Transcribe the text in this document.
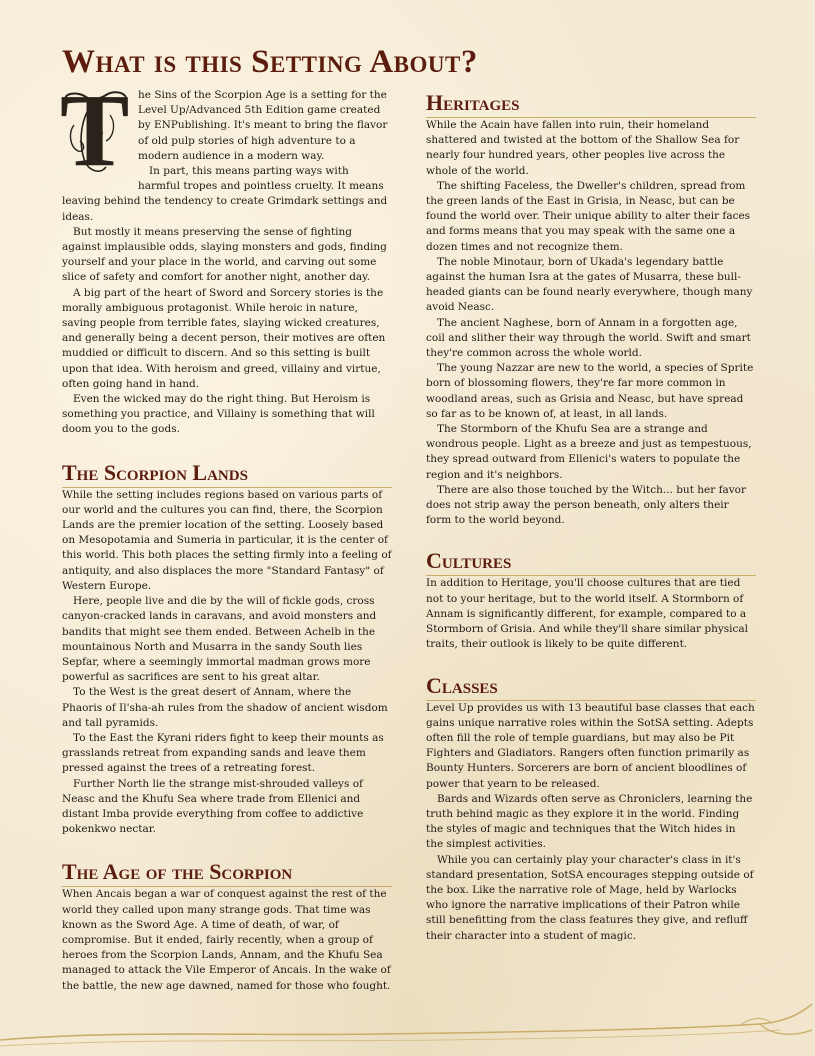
What is this Setting About?
T he Sins of the Scorpion Age is a setting for the Level Up/Advanced 5th Edition game created by ENPublishing. It's meant to bring the flavor of old pulp stories of high adventure to a modern audience in a modern way.

In part, this means parting ways with harmful tropes and pointless cruelty. It means leaving behind the tendency to create Grimdark settings and ideas.

But mostly it means preserving the sense of fighting against implausible odds, slaying monsters and gods, finding yourself and your place in the world, and carving out some slice of safety and comfort for another night, another day.

A big part of the heart of Sword and Sorcery stories is the morally ambiguous protagonist. While heroic in nature, saving people from terrible fates, slaying wicked creatures, and generally being a decent person, their motives are often muddied or difficult to discern. And so this setting is built upon that idea. With heroism and greed, villainy and virtue, often going hand in hand.

Even the wicked may do the right thing. But Heroism is something you practice, and Villainy is something that will doom you to the gods.

The Scorpion Lands

While the setting includes regions based on various parts of our world and the cultures you can find, there, the Scorpion Lands are the premier location of the setting. Loosely based on Mesopotamia and Sumeria in particular, it is the center of this world. This both places the setting firmly into a feeling of antiquity, and also displaces the more "Standard Fantasy" of Western Europe.

Here, people live and die by the will of fickle gods, cross canyon-cracked lands in caravans, and avoid monsters and bandits that might see them ended. Between Achelb in the mountainous North and Musarra in the sandy South lies Sepfar, where a seemingly immortal madman grows more powerful as sacrifices are sent to his great altar.

To the West is the great desert of Annam, where the Phaoris of Il'sha-ah rules from the shadow of ancient wisdom and tall pyramids.

To the East the Kyrani riders fight to keep their mounts as grasslands retreat from expanding sands and leave them pressed against the trees of a retreating forest.

Further North lie the strange mist-shrouded valleys of Neasc and the Khufu Sea where trade from Ellenici and distant Imba provide everything from coffee to addictive pokenkwo nectar.

The Age of the Scorpion

When Ancais began a war of conquest against the rest of the world they called upon many strange gods. That time was known as the Sword Age. A time of death, of war, of compromise. But it ended, fairly recently, when a group of heroes from the Scorpion Lands, Annam, and the Khufu Sea managed to attack the Vile Emperor of Ancais. In the wake of the battle, the new age dawned, named for those who fought.

Heritages

While the Acain have fallen into ruin, their homeland shattered and twisted at the bottom of the Shallow Sea for nearly four hundred years, other peoples live across the whole of the world.

The shifting Faceless, the Dweller's children, spread from the green lands of the East in Grisia, in Neasc, but can be found the world over. Their unique ability to alter their faces and forms means that you may speak with the same one a dozen times and not recognize them.

The noble Minotaur, born of Ukada's legendary battle against the human Isra at the gates of Musarra, these bull-headed giants can be found nearly everywhere, though many avoid Neasc.

The ancient Naghese, born of Annam in a forgotten age, coil and slither their way through the world. Swift and smart they're common across the whole world.

The young Nazzar are new to the world, a species of Sprite born of blossoming flowers, they're far more common in woodland areas, such as Grisia and Neasc, but have spread so far as to be known of, at least, in all lands.

The Stormborn of the Khufu Sea are a strange and wondrous people. Light as a breeze and just as tempestuous, they spread outward from Ellenici's waters to populate the region and it's neighbors.

There are also those touched by the Witch... but her favor does not strip away the person beneath, only alters their form to the world beyond.

Cultures

In addition to Heritage, you'll choose cultures that are tied not to your heritage, but to the world itself. A Stormborn of Annam is significantly different, for example, compared to a Stormborn of Grisia. And while they'll share similar physical traits, their outlook is likely to be quite different.

Classes

Level Up provides us with 13 beautiful base classes that each gains unique narrative roles within the SotSA setting. Adepts often fill the role of temple guardians, but may also be Pit Fighters and Gladiators. Rangers often function primarily as Bounty Hunters. Sorcerers are born of ancient bloodlines of power that yearn to be released.

Bards and Wizards often serve as Chroniclers, learning the truth behind magic as they explore it in the world. Finding the styles of magic and techniques that the Witch hides in the simplest activities.

While you can certainly play your character's class in it's standard presentation, SotSA encourages stepping outside of the box. Like the narrative role of Mage, held by Warlocks who ignore the narrative implications of their Patron while still benefitting from the class features they give, and refluff their character into a student of magic.
